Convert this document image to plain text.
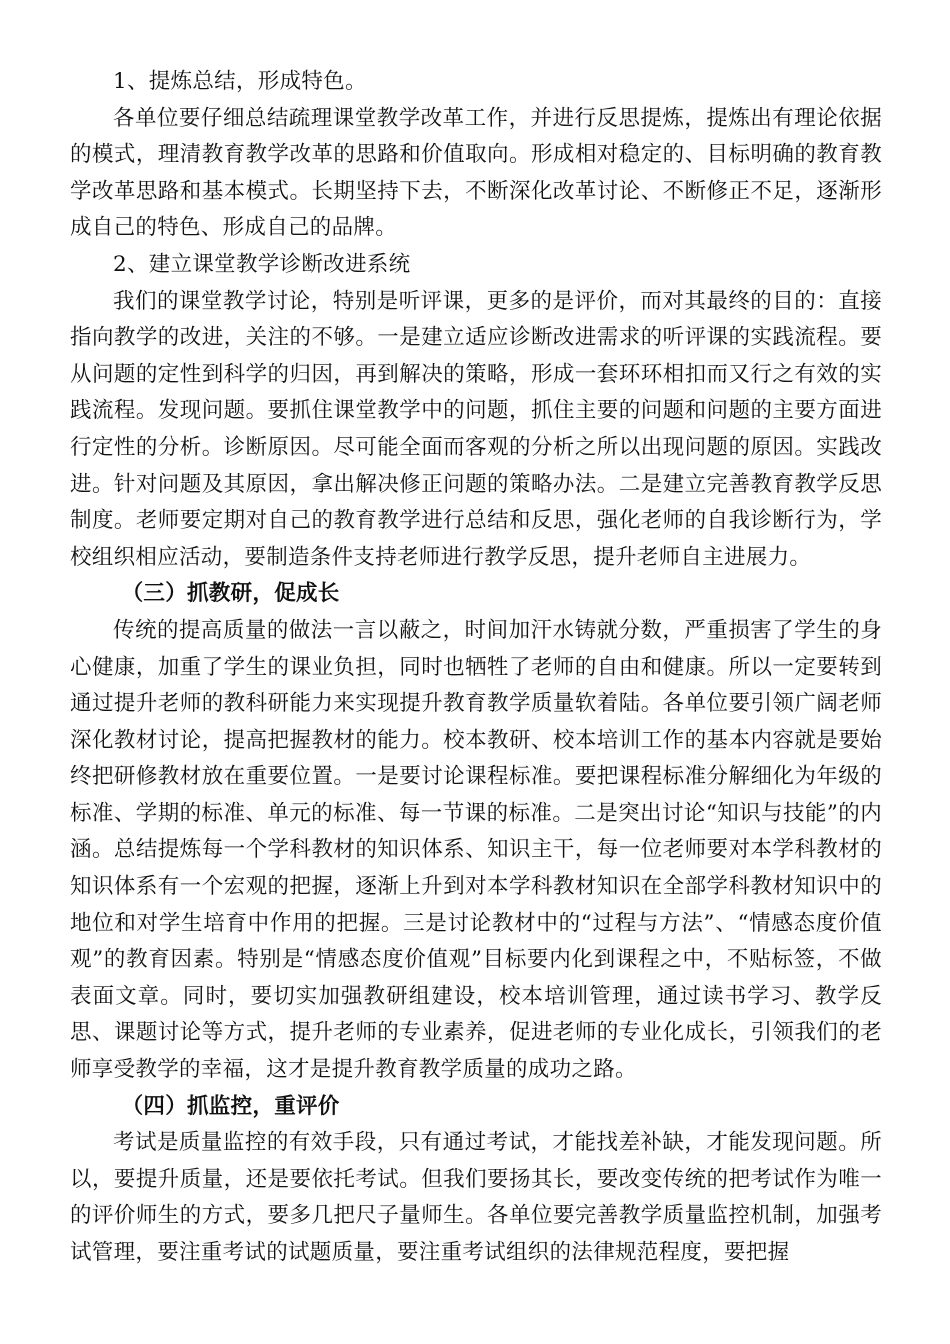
1、提炼总结，形成特色。

各单位要仔细总结疏理课堂教学改革工作，并进行反思提炼，提炼出有理论依据的模式，理清教育教学改革的思路和价值取向。形成相对稳定的、目标明确的教育教学改革思路和基本模式。长期坚持下去，不断深化改革讨论、不断修正不足，逐渐形成自己的特色、形成自己的品牌。

2、建立课堂教学诊断改进系统

我们的课堂教学讨论，特别是听评课，更多的是评价，而对其最终的目的：直接指向教学的改进，关注的不够。一是建立适应诊断改进需求的听评课的实践流程。要从问题的定性到科学的归因，再到解决的策略，形成一套环环相扣而又行之有效的实践流程。发现问题。要抓住课堂教学中的问题，抓住主要的问题和问题的主要方面进行定性的分析。诊断原因。尽可能全面而客观的分析之所以出现问题的原因。实践改进。针对问题及其原因，拿出解决修正问题的策略办法。二是建立完善教育教学反思制度。老师要定期对自己的教育教学进行总结和反思，强化老师的自我诊断行为，学校组织相应活动，要制造条件支持老师进行教学反思，提升老师自主进展力。

（三）抓教研，促成长

传统的提高质量的做法一言以蔽之，时间加汗水铸就分数，严重损害了学生的身心健康，加重了学生的课业负担，同时也牺牲了老师的自由和健康。所以一定要转到通过提升老师的教科研能力来实现提升教育教学质量软着陆。各单位要引领广阔老师深化教材讨论，提高把握教材的能力。校本教研、校本培训工作的基本内容就是要始终把研修教材放在重要位置。一是要讨论课程标准。要把课程标准分解细化为年级的标准、学期的标准、单元的标准、每一节课的标准。二是突出讨论“知识与技能”的内涵。总结提炼每一个学科教材的知识体系、知识主干，每一位老师要对本学科教材的知识体系有一个宏观的把握，逐渐上升到对本学科教材知识在全部学科教材知识中的地位和对学生培育中作用的把握。三是讨论教材中的“过程与方法”、“情感态度价值观”的教育因素。特别是“情感态度价值观”目标要内化到课程之中，不贴标签，不做表面文章。同时，要切实加强教研组建设，校本培训管理，通过读书学习、教学反思、课题讨论等方式，提升老师的专业素养，促进老师的专业化成长，引领我们的老师享受教学的幸福，这才是提升教育教学质量的成功之路。

（四）抓监控，重评价

考试是质量监控的有效手段，只有通过考试，才能找差补缺，才能发现问题。所以，要提升质量，还是要依托考试。但我们要扬其长，要改变传统的把考试作为唯一的评价师生的方式，要多几把尺子量师生。各单位要完善教学质量监控机制，加强考试管理，要注重考试的试题质量，要注重考试组织的法律规范程度，要把握
